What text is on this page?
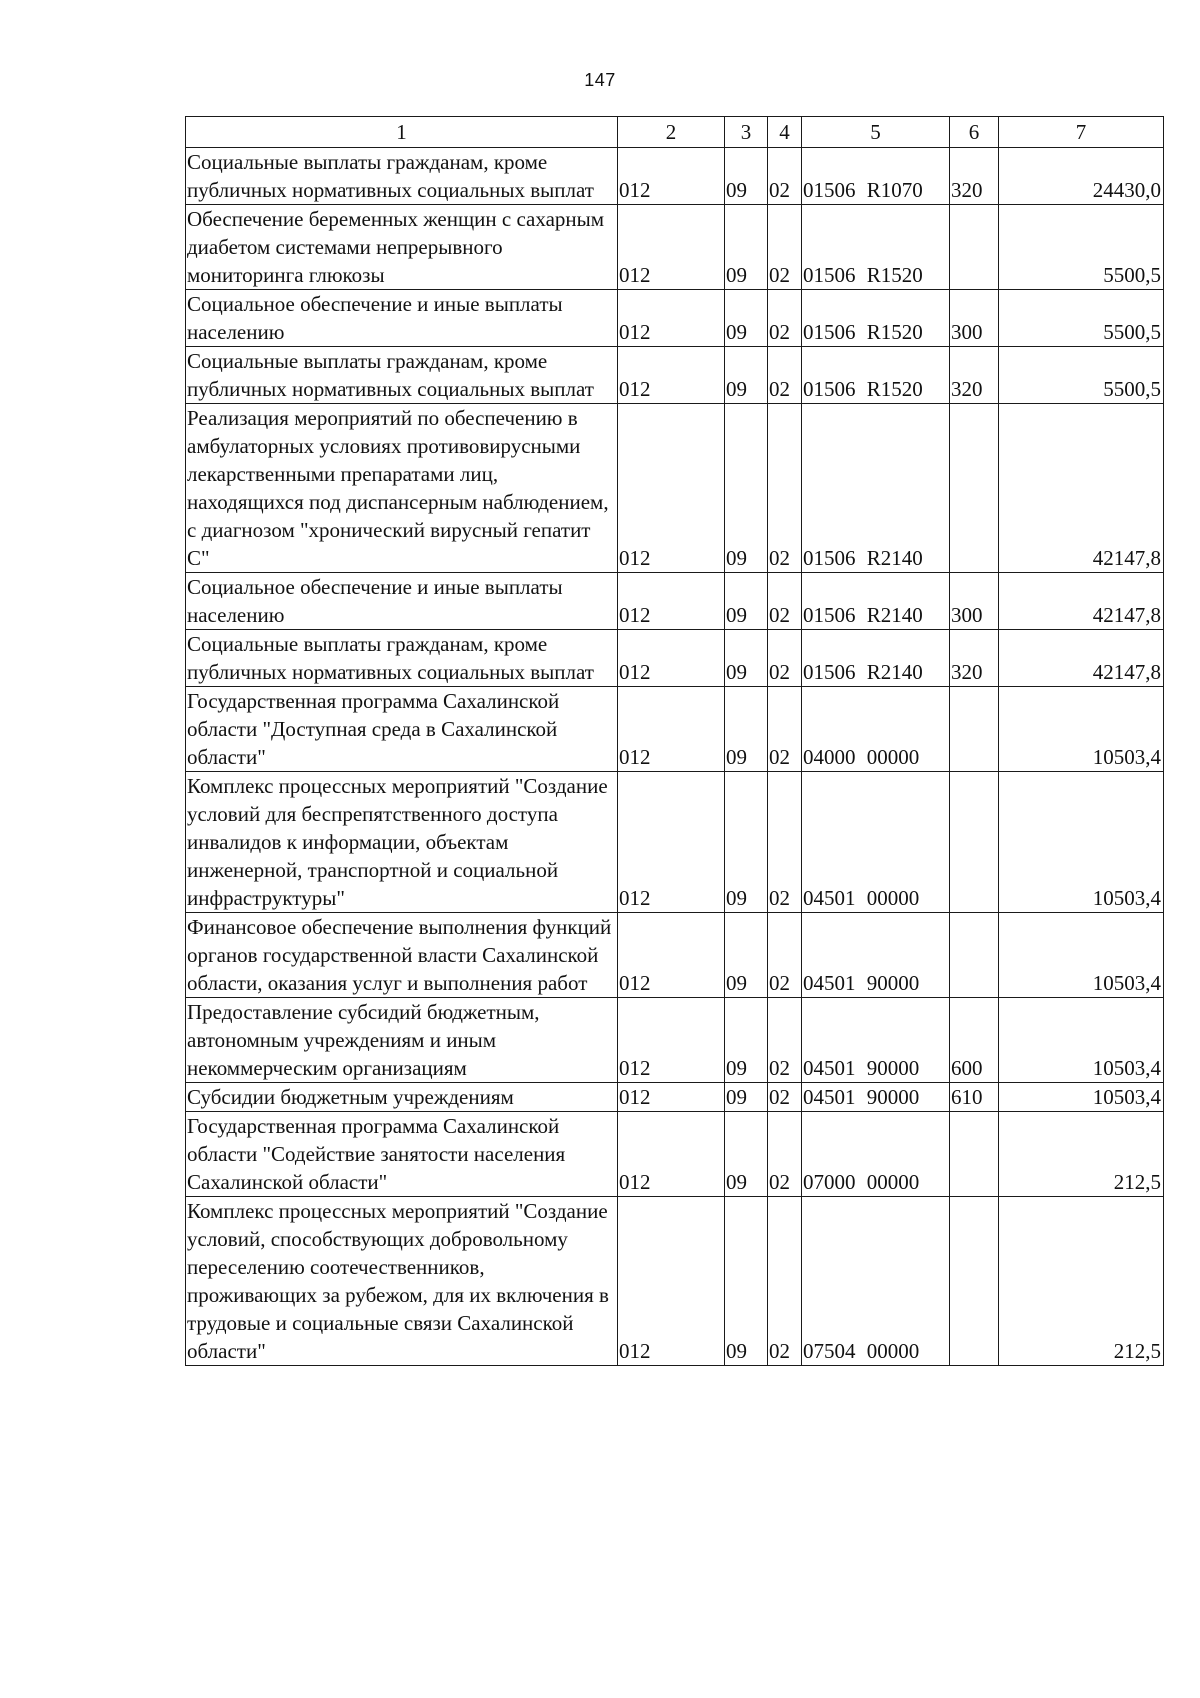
147
1	2	3	4	5	6	7
Социальные выплаты гражданам, кроме публичных нормативных социальных выплат	012	09	02	01506 R1070	320	24430,0
Обеспечение беременных женщин с сахарным диабетом системами непрерывного мониторинга глюкозы	012	09	02	01506 R1520		5500,5
Социальное обеспечение и иные выплаты населению	012	09	02	01506 R1520	300	5500,5
Социальные выплаты гражданам, кроме публичных нормативных социальных выплат	012	09	02	01506 R1520	320	5500,5
Реализация мероприятий по обеспечению в амбулаторных условиях противовирусными лекарственными препаратами лиц, находящихся под диспансерным наблюдением, с диагнозом "хронический вирусный гепатит С"	012	09	02	01506 R2140		42147,8
Социальное обеспечение и иные выплаты населению	012	09	02	01506 R2140	300	42147,8
Социальные выплаты гражданам, кроме публичных нормативных социальных выплат	012	09	02	01506 R2140	320	42147,8
Государственная программа Сахалинской области "Доступная среда в Сахалинской области"	012	09	02	04000 00000		10503,4
Комплекс процессных мероприятий "Создание условий для беспрепятственного доступа инвалидов к информации, объектам инженерной, транспортной и социальной инфраструктуры"	012	09	02	04501 00000		10503,4
Финансовое обеспечение выполнения функций органов государственной власти Сахалинской области, оказания услуг и выполнения работ	012	09	02	04501 90000		10503,4
Предоставление субсидий бюджетным, автономным учреждениям и иным некоммерческим организациям	012	09	02	04501 90000	600	10503,4
Субсидии бюджетным учреждениям	012	09	02	04501 90000	610	10503,4
Государственная программа Сахалинской области "Содействие занятости населения Сахалинской области"	012	09	02	07000 00000		212,5
Комплекс процессных мероприятий "Создание условий, способствующих добровольному переселению соотечественников, проживающих за рубежом, для их включения в трудовые и социальные связи Сахалинской области"	012	09	02	07504 00000		212,5
